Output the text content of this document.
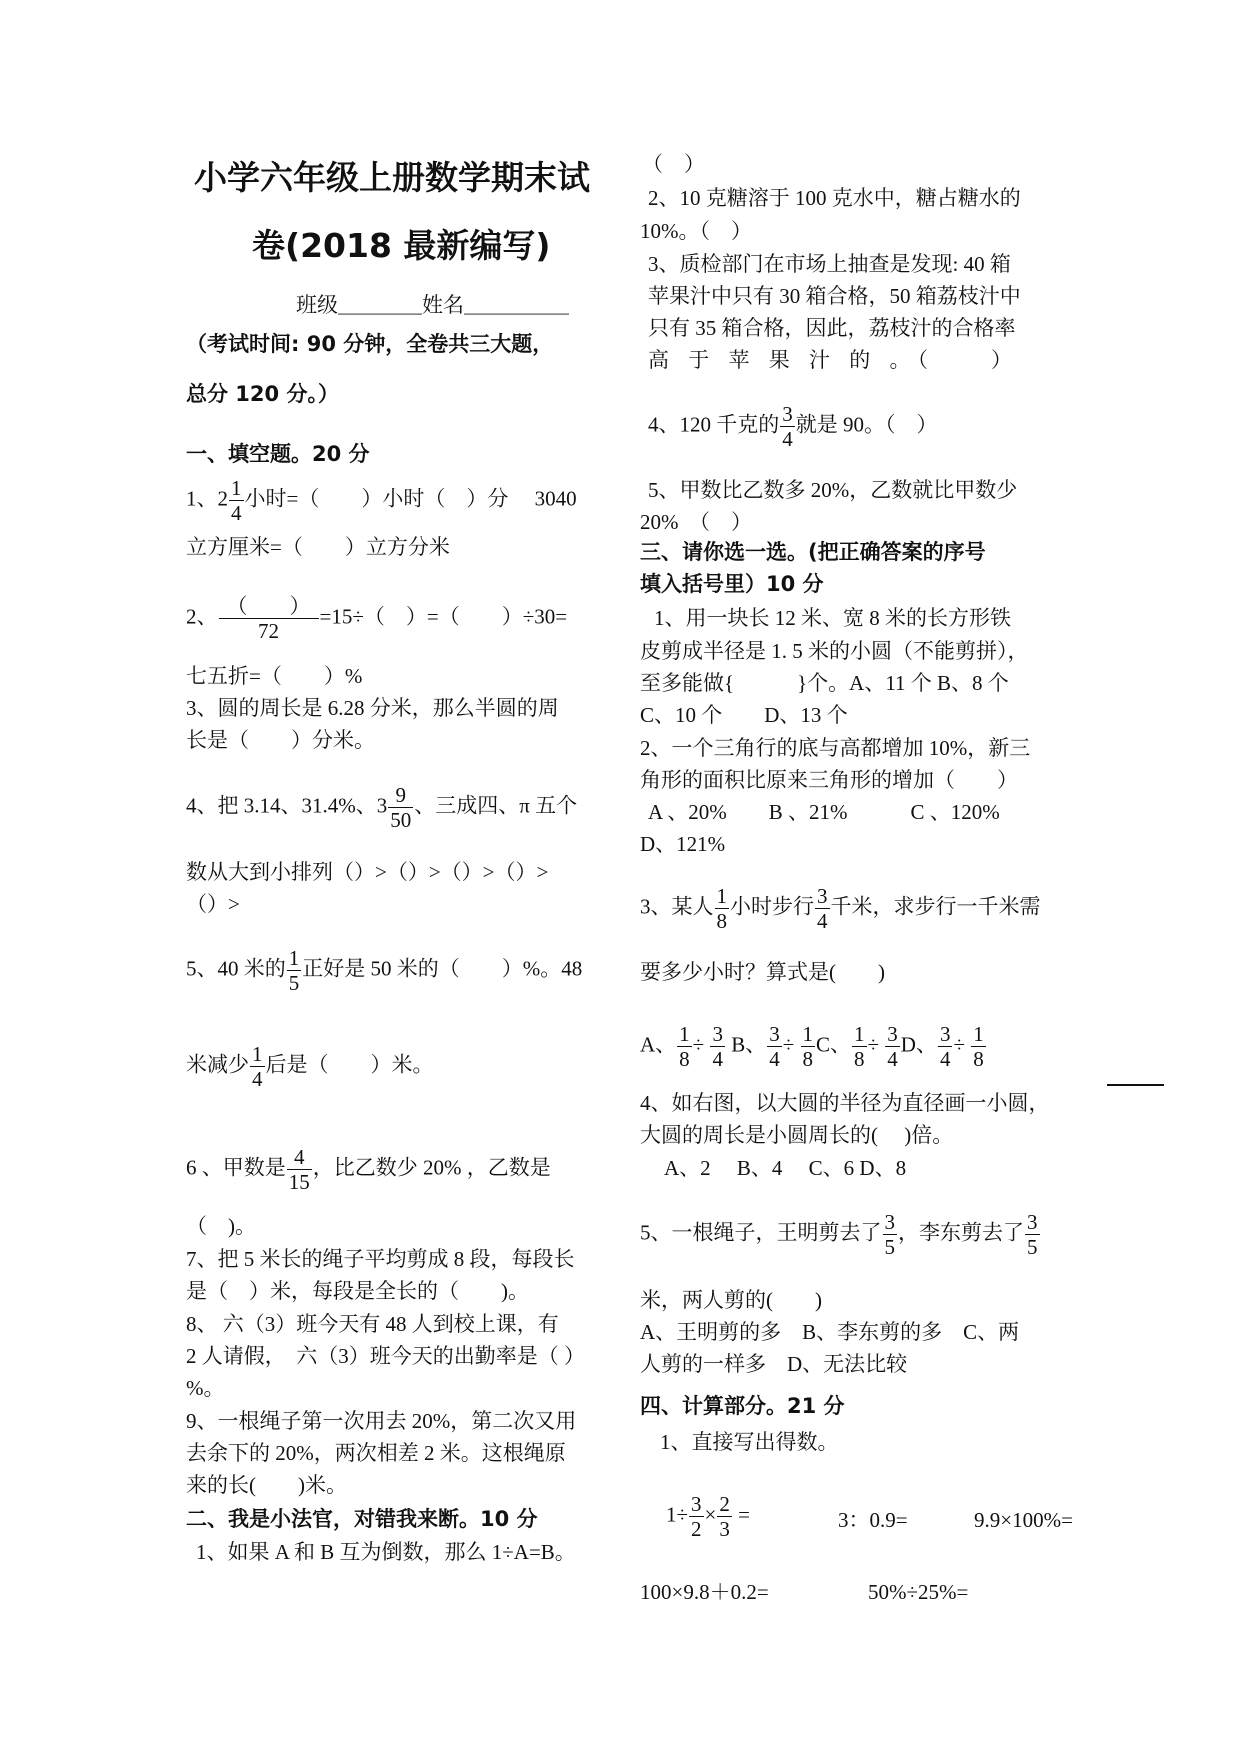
小学六年级上册数学期末试
卷(2018 最新编写)
班级＿＿＿＿姓名＿＿＿＿＿
（考试时间: 90 分钟，全卷共三大题，
总分 120 分。）
一、填空题。20 分
1、$2 \frac{1}{4}$ 小时=（　　）小时（　）分　 3040
立方厘米=（　　）立方分米
2、 （　　）
72
=15÷（　）=（　　）÷30=
七五折=（　　）%
3、圆的周长是 6.28 分米，那么半圆的周
长是（　　）分米。
4、把 3.14、31.4%、$3 \frac{9}{50}$ 、三成四、π 五个
数从大到小排列（）>（）>（）>（）>
（）>
5、40 米的 $\frac{1}{5}$ 正好是 50 米的（　　）%。48
米减少 $\frac{1}{4}$ 后是（　　）米。
6 、甲数是 $\frac{4}{15}$ ，比乙数少 20% ，乙数是
（　)。
7、把 5 米长的绳子平均剪成 8 段，每段长
是（　）米，每段是全长的（　　)。
8、 六（3）班今天有 48 人到校上课，有
2 人请假，　六（3）班今天的出勤率是（ ）
%。
9、一根绳子第一次用去 20%，第二次又用
去余下的 20%，两次相差 2 米。这根绳原
来的长(　　)米。
二、我是小法官，对错我来断。10 分
1、如果 A 和 B 互为倒数，那么 1÷A=B。
（　）
2、10 克糖溶于 100 克水中，糖占糖水的
10%。（　）
3、质检部门在市场上抽查是发现: 40 箱
苹果汁中只有 30 箱合格，50 箱荔枝汁中
只有 35 箱合格，因此，荔枝汁的合格率
高 于 苹 果 汁 的 。（　　）
4、120 千克的 $\frac{3}{4}$ 就是 90。（　）
5、甲数比乙数多 20%，乙数就比甲数少
20%　（　）
三、请你选一选。(把正确答案的序号
填入括号里）10 分
1、用一块长 12 米、宽 8 米的长方形铁
皮剪成半径是 1. 5 米的小圆（不能剪拼），
至多能做{　　　}个。A、11 个 B、8 个
C、10 个　　D、13 个
2、一个三角行的底与高都增加 10%，新三
角形的面积比原来三角形的增加（　　）
A 、20%　　B 、21%　　　C 、120%
D、121%
3、某人 $\frac{1}{8}$ 小时步行 $\frac{3}{4}$ 千米，求步行一千米需
要多少小时？算式是(　　)
A、 $\frac{1}{8} \div \frac{3}{4}$ B、 $\frac{3}{4} \div \frac{1}{8}$ C、 $\frac{1}{8} \div \frac{3}{4}$ D、 $\frac{3}{4} \div \frac{1}{8}$
4、如右图，以大圆的半径为直径画一小圆，
大圆的周长是小圆周长的(　 )倍。
A、2　 B、4　 C、6 D、8
5、一根绳子，王明剪去了 $\frac{3}{5}$ ，李东剪去了 $\frac{3}{5}$
米，两人剪的(　　)
A、王明剪的多　B、李东剪的多　C、两
人剪的一样多　D、无法比较
四、计算部分。21 分
1、直接写出得数。
$1\div \frac{3}{2} \times \frac{2}{3}$ =	3：0.9=	9.9×100%=
100×9.8＋0.2=	50%÷25%=
